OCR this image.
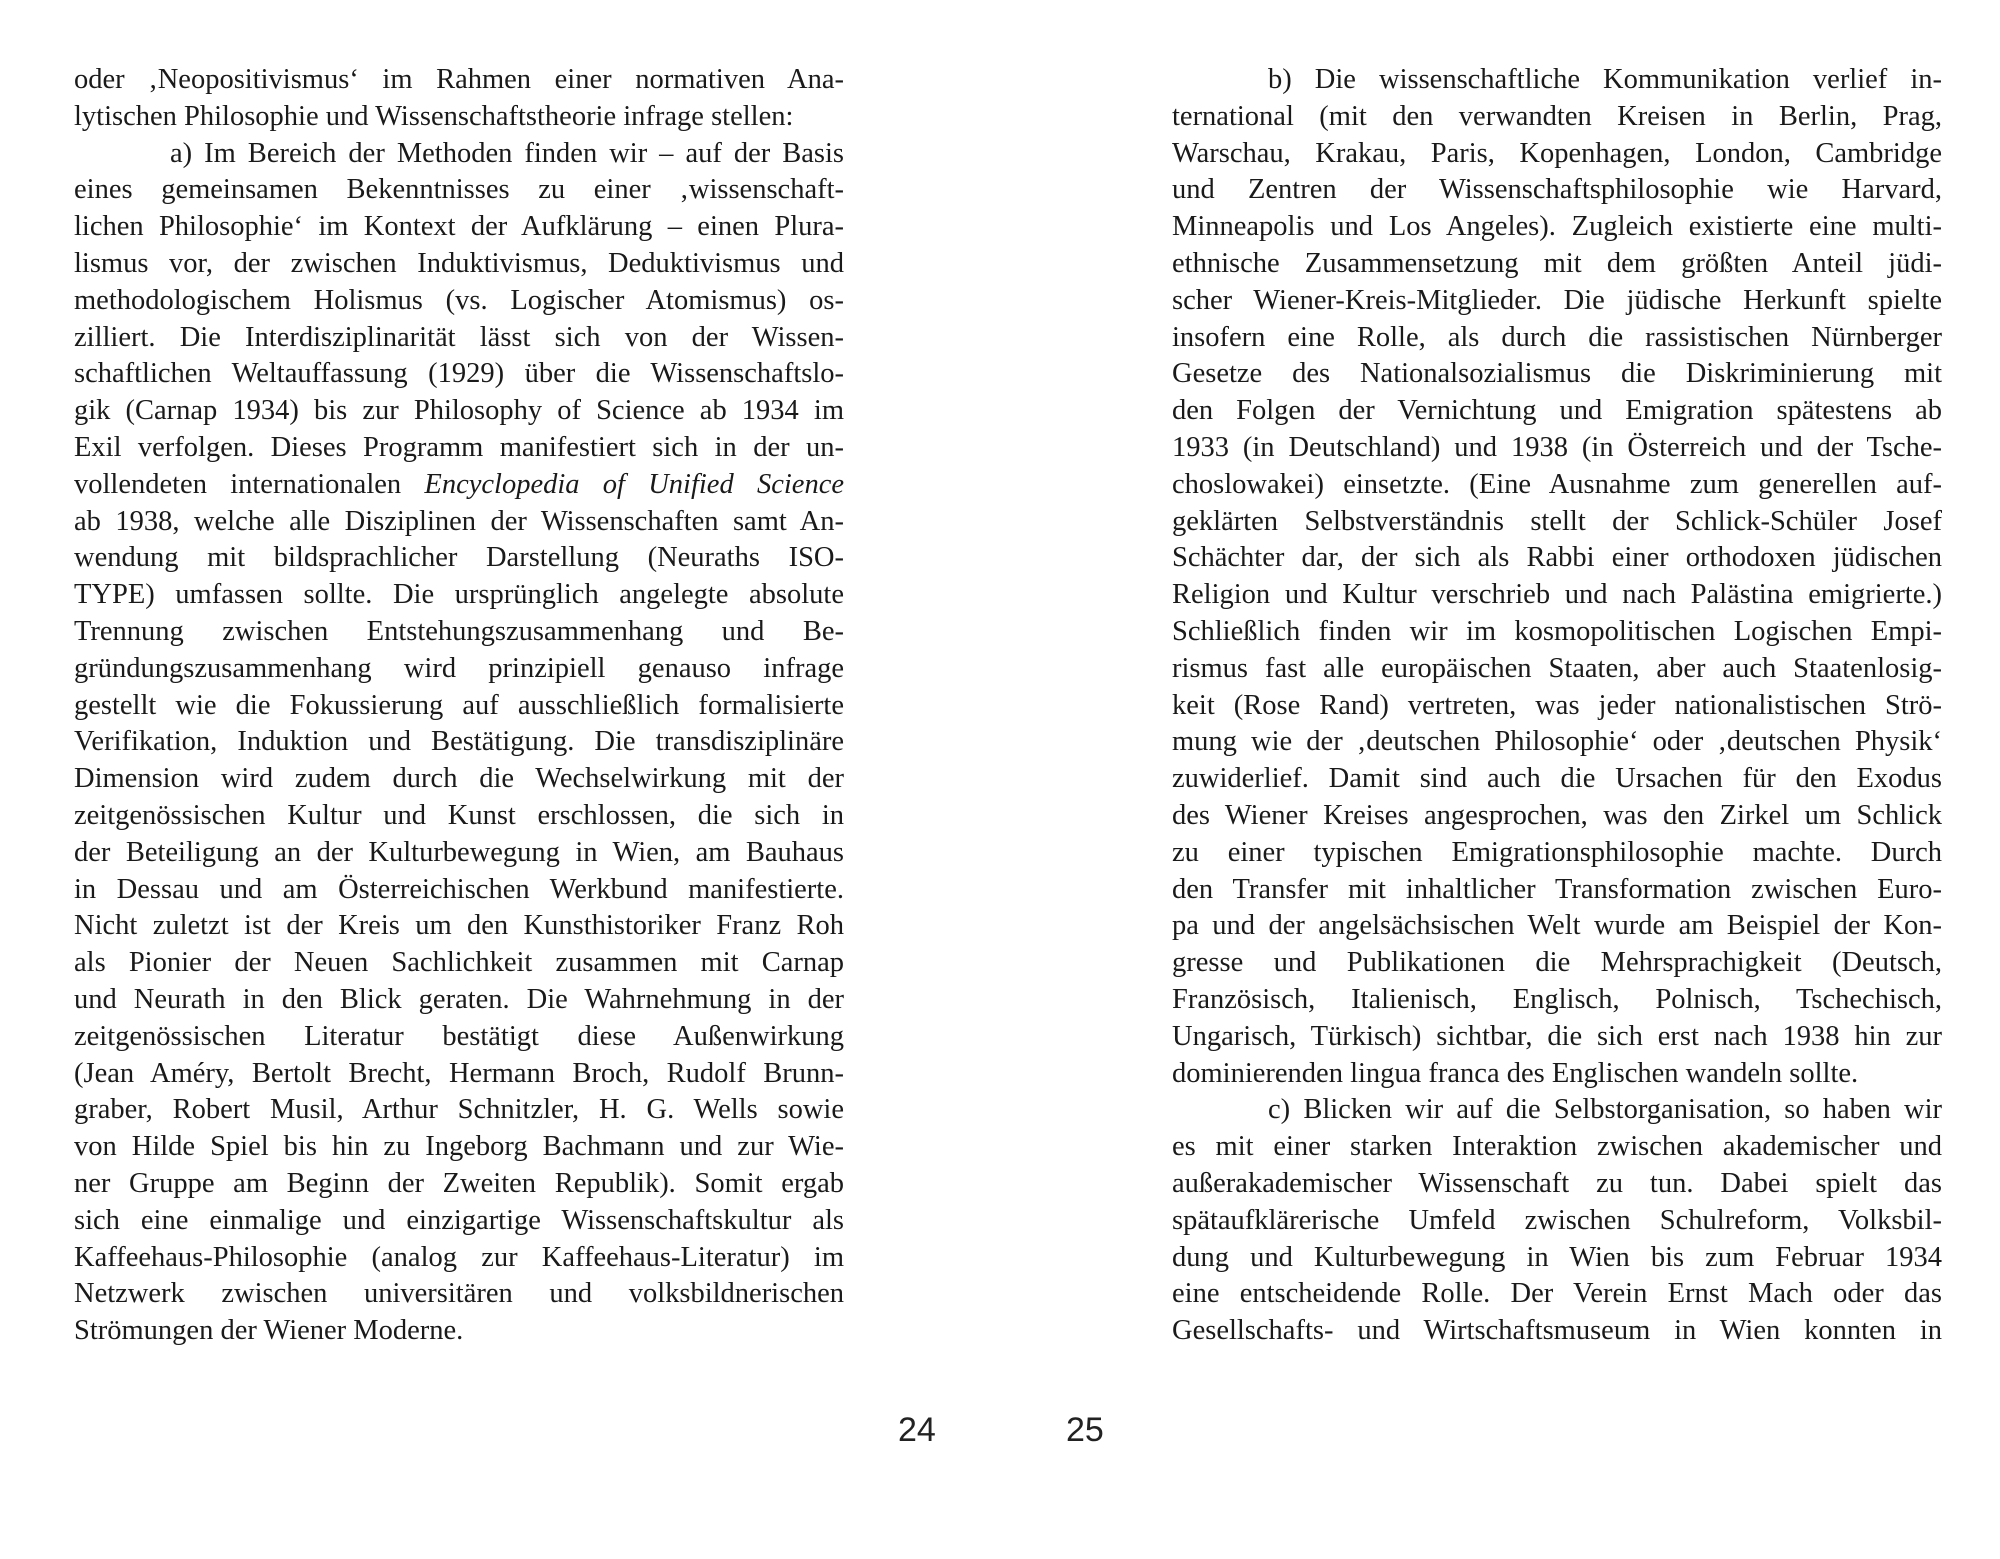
oder ‚Neopositivismus‘ im Rahmen einer normativen Ana-
lytischen Philosophie und Wissenschaftstheorie infrage stellen:
a) Im Bereich der Methoden finden wir – auf der Basis
eines gemeinsamen Bekenntnisses zu einer ‚wissenschaft-
lichen Philosophie‘ im Kontext der Aufklärung – einen Plura-
lismus vor, der zwischen Induktivismus, Deduktivismus und
methodologischem Holismus (vs. Logischer Atomismus) os-
zilliert. Die Interdisziplinarität lässt sich von der Wissen-
schaftlichen Weltauffassung (1929) über die Wissenschaftslo-
gik (Carnap 1934) bis zur Philosophy of Science ab 1934 im
Exil verfolgen. Dieses Programm manifestiert sich in der un-
vollendeten internationalen Encyclopedia of Unified Science
ab 1938, welche alle Disziplinen der Wissenschaften samt An-
wendung mit bildsprachlicher Darstellung (Neuraths ISO-
TYPE) umfassen sollte. Die ursprünglich angelegte absolute
Trennung zwischen Entstehungszusammenhang und Be-
gründungszusammenhang wird prinzipiell genauso infrage
gestellt wie die Fokussierung auf ausschließlich formalisierte
Verifikation, Induktion und Bestätigung. Die transdisziplinäre
Dimension wird zudem durch die Wechselwirkung mit der
zeitgenössischen Kultur und Kunst erschlossen, die sich in
der Beteiligung an der Kulturbewegung in Wien, am Bauhaus
in Dessau und am Österreichischen Werkbund manifestierte.
Nicht zuletzt ist der Kreis um den Kunsthistoriker Franz Roh
als Pionier der Neuen Sachlichkeit zusammen mit Carnap
und Neurath in den Blick geraten. Die Wahrnehmung in der
zeitgenössischen Literatur bestätigt diese Außenwirkung
(Jean Améry, Bertolt Brecht, Hermann Broch, Rudolf Brunn-
graber, Robert Musil, Arthur Schnitzler, H. G. Wells sowie
von Hilde Spiel bis hin zu Ingeborg Bachmann und zur Wie-
ner Gruppe am Beginn der Zweiten Republik). Somit ergab
sich eine einmalige und einzigartige Wissenschaftskultur als
Kaffeehaus-Philosophie (analog zur Kaffeehaus-Literatur) im
Netzwerk zwischen universitären und volksbildnerischen
Strömungen der Wiener Moderne.
b) Die wissenschaftliche Kommunikation verlief in-
ternational (mit den verwandten Kreisen in Berlin, Prag,
Warschau, Krakau, Paris, Kopenhagen, London, Cambridge
und Zentren der Wissenschaftsphilosophie wie Harvard,
Minneapolis und Los Angeles). Zugleich existierte eine multi-
ethnische Zusammensetzung mit dem größten Anteil jüdi-
scher Wiener-Kreis-Mitglieder. Die jüdische Herkunft spielte
insofern eine Rolle, als durch die rassistischen Nürnberger
Gesetze des Nationalsozialismus die Diskriminierung mit
den Folgen der Vernichtung und Emigration spätestens ab
1933 (in Deutschland) und 1938 (in Österreich und der Tsche-
choslowakei) einsetzte. (Eine Ausnahme zum generellen auf-
geklärten Selbstverständnis stellt der Schlick-Schüler Josef
Schächter dar, der sich als Rabbi einer orthodoxen jüdischen
Religion und Kultur verschrieb und nach Palästina emigrierte.)
Schließlich finden wir im kosmopolitischen Logischen Empi-
rismus fast alle europäischen Staaten, aber auch Staatenlosig-
keit (Rose Rand) vertreten, was jeder nationalistischen Strö-
mung wie der ‚deutschen Philosophie‘ oder ‚deutschen Physik‘
zuwiderlief. Damit sind auch die Ursachen für den Exodus
des Wiener Kreises angesprochen, was den Zirkel um Schlick
zu einer typischen Emigrationsphilosophie machte. Durch
den Transfer mit inhaltlicher Transformation zwischen Euro-
pa und der angelsächsischen Welt wurde am Beispiel der Kon-
gresse und Publikationen die Mehrsprachigkeit (Deutsch,
Französisch, Italienisch, Englisch, Polnisch, Tschechisch,
Ungarisch, Türkisch) sichtbar, die sich erst nach 1938 hin zur
dominierenden lingua franca des Englischen wandeln sollte.
c) Blicken wir auf die Selbstorganisation, so haben wir
es mit einer starken Interaktion zwischen akademischer und
außerakademischer Wissenschaft zu tun. Dabei spielt das
spätaufklärerische Umfeld zwischen Schulreform, Volksbil-
dung und Kulturbewegung in Wien bis zum Februar 1934
eine entscheidende Rolle. Der Verein Ernst Mach oder das
Gesellschafts- und Wirtschaftsmuseum in Wien konnten in
24	25
